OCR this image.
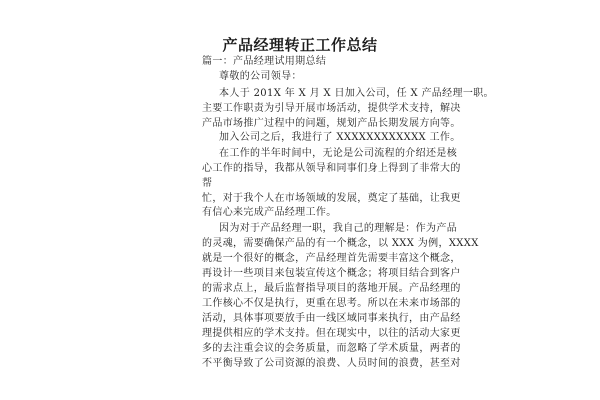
产品经理转正工作总结
篇一：产品经理试用期总结
尊敬的公司领导：
本人于 201X 年 X 月 X 日加入公司，任 X 产品经理一职。
主要工作职责为引导开展市场活动，提供学术支持，解决
产品市场推广过程中的问题，规划产品长期发展方向等。
加入公司之后，我进行了 XXXXXXXXXXXX 工作。
在工作的半年时间中，无论是公司流程的介绍还是核
心工作的指导，我都从领导和同事们身上得到了非常大的
帮
忙，对于我个人在市场领域的发展，奠定了基础，让我更
有信心来完成产品经理工作。
因为对于产品经理一职，我自己的理解是：作为产品
的灵魂，需要确保产品的有一个概念，以 XXX 为例，XXXX
就是一个很好的概念，产品经理首先需要丰富这个概念，
再设计一些项目来包装宣传这个概念；将项目结合到客户
的需求点上，最后监督指导项目的落地开展。产品经理的
工作核心不仅是执行，更重在思考。所以在未来市场部的
活动，具体事项要放手由一线区域同事来执行，由产品经
理提供相应的学术支持。但在现实中，以往的活动大家更
多的去注重会议的会务质量，而忽略了学术质量，两者的
不平衡导致了公司资源的浪费、人员时间的浪费，甚至对
